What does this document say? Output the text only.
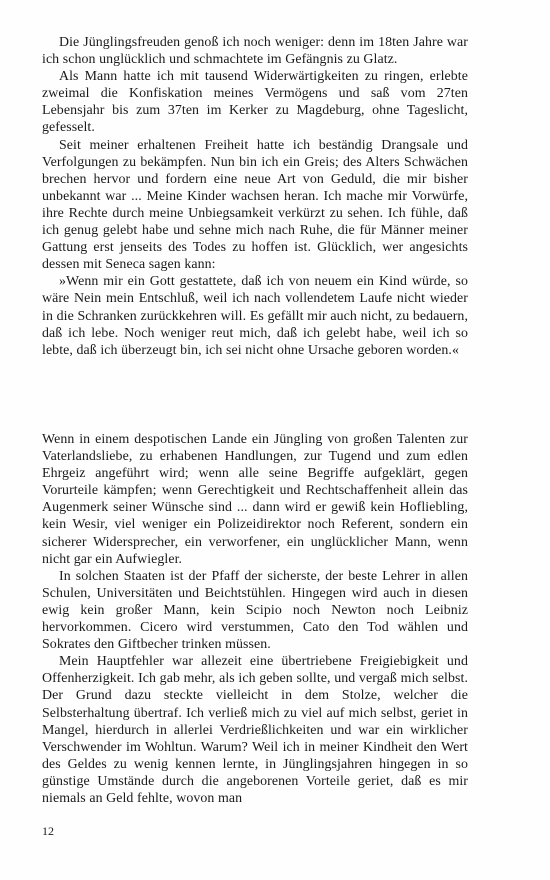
Die Jünglingsfreuden genoß ich noch weniger: denn im 18ten Jahre war ich schon unglücklich und schmachtete im Gefängnis zu Glatz.

Als Mann hatte ich mit tausend Widerwärtigkeiten zu ringen, erlebte zweimal die Konfiskation meines Vermögens und saß vom 27ten Lebensjahr bis zum 37ten im Kerker zu Magdeburg, ohne Tageslicht, gefesselt.

Seit meiner erhaltenen Freiheit hatte ich beständig Drangsale und Verfolgungen zu bekämpfen. Nun bin ich ein Greis; des Alters Schwächen brechen hervor und fordern eine neue Art von Geduld, die mir bisher unbekannt war ... Meine Kinder wachsen heran. Ich mache mir Vorwürfe, ihre Rechte durch meine Unbiegsamkeit verkürzt zu sehen. Ich fühle, daß ich genug gelebt habe und sehne mich nach Ruhe, die für Männer meiner Gattung erst jenseits des Todes zu hoffen ist. Glücklich, wer angesichts dessen mit Seneca sagen kann:

»Wenn mir ein Gott gestattete, daß ich von neuem ein Kind würde, so wäre Nein mein Entschluß, weil ich nach vollendetem Laufe nicht wieder in die Schranken zurückkehren will. Es gefällt mir auch nicht, zu bedauern, daß ich lebe. Noch weniger reut mich, daß ich gelebt habe, weil ich so lebte, daß ich überzeugt bin, ich sei nicht ohne Ursache geboren worden.«

Wenn in einem despotischen Lande ein Jüngling von großen Talenten zur Vaterlandsliebe, zu erhabenen Handlungen, zur Tugend und zum edlen Ehrgeiz angeführt wird; wenn alle seine Begriffe aufgeklärt, gegen Vorurteile kämpfen; wenn Gerechtigkeit und Rechtschaffenheit allein das Augenmerk seiner Wünsche sind ... dann wird er gewiß kein Hofliebling, kein Wesir, viel weniger ein Polizeidirektor noch Referent, sondern ein sicherer Widersprecher, ein verworfener, ein unglücklicher Mann, wenn nicht gar ein Aufwiegler.

In solchen Staaten ist der Pfaff der sicherste, der beste Lehrer in allen Schulen, Universitäten und Beichtstühlen. Hingegen wird auch in diesen ewig kein großer Mann, kein Scipio noch Newton noch Leibniz hervorkommen. Cicero wird verstummen, Cato den Tod wählen und Sokrates den Giftbecher trinken müssen.

Mein Hauptfehler war allezeit eine übertriebene Freigiebigkeit und Offenherzigkeit. Ich gab mehr, als ich geben sollte, und vergaß mich selbst. Der Grund dazu steckte vielleicht in dem Stolze, welcher die Selbsterhaltung übertraf. Ich verließ mich zu viel auf mich selbst, geriet in Mangel, hierdurch in allerlei Verdrießlichkeiten und war ein wirklicher Verschwender im Wohltun. Warum? Weil ich in meiner Kindheit den Wert des Geldes zu wenig kennen lernte, in Jünglingsjahren hingegen in so günstige Umstände durch die angeborenen Vorteile geriet, daß es mir niemals an Geld fehlte, wovon man

12
